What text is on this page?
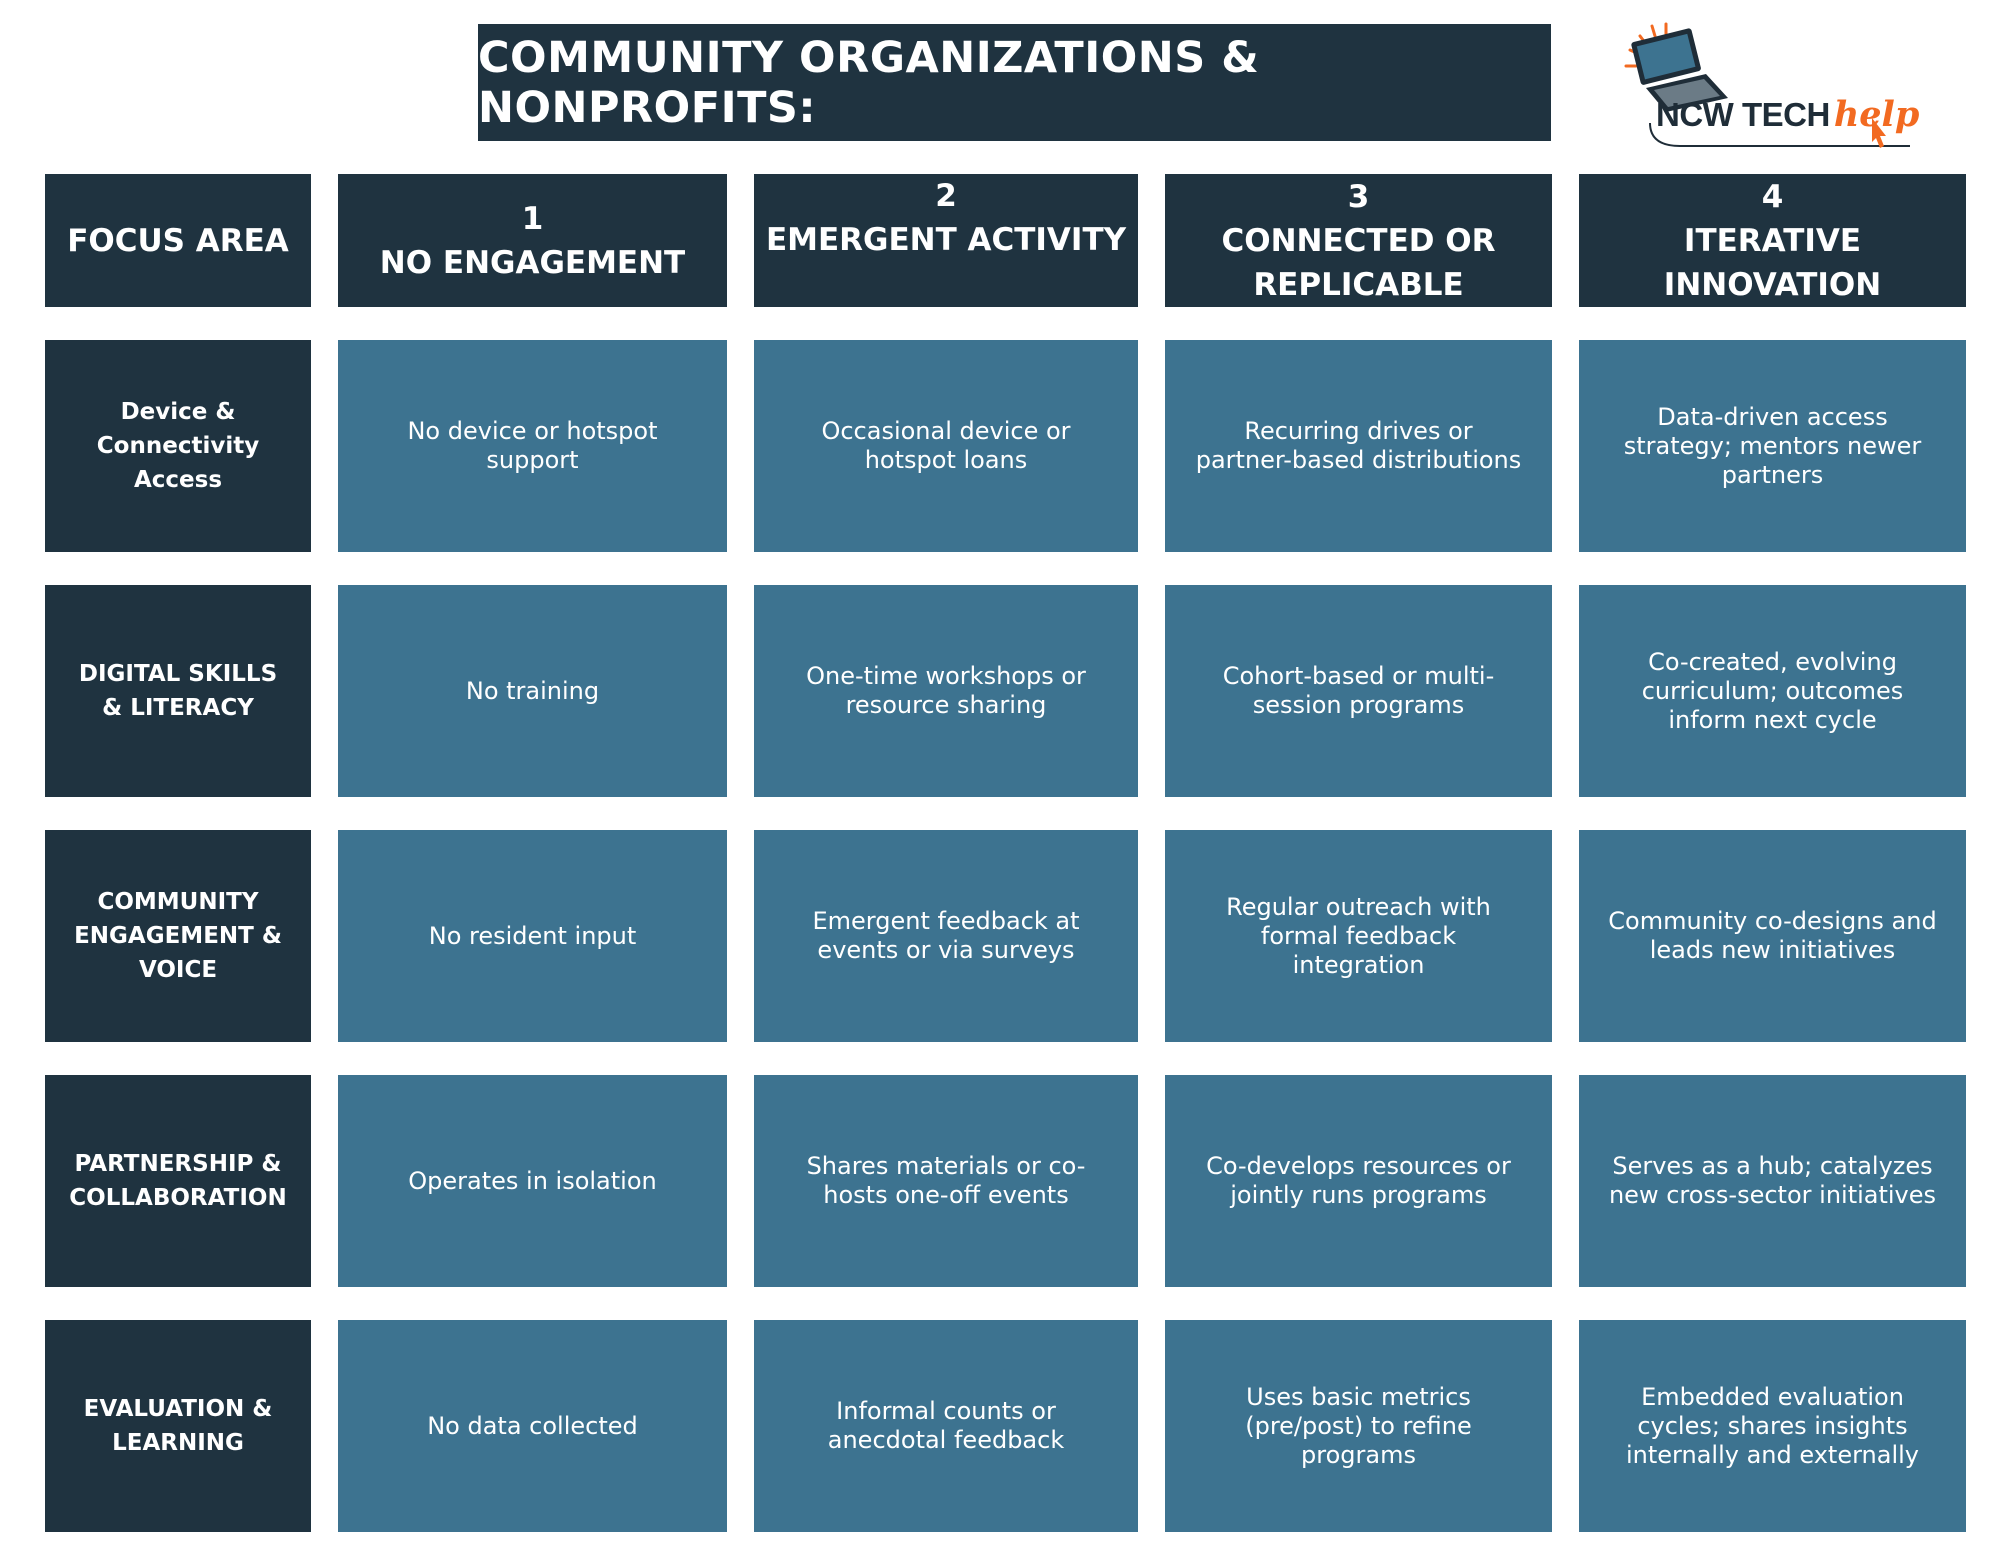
COMMUNITY ORGANIZATIONS & NONPROFITS:	NCW TECH help
FOCUS AREA
1
NO ENGAGEMENT
2
EMERGENT ACTIVITY
3
CONNECTED OR REPLICABLE
4
ITERATIVE INNOVATION
Device & Connectivity Access
No device or hotspot support
Occasional device or hotspot loans
Recurring drives or partner-based distributions
Data-driven access strategy; mentors newer partners
DIGITAL SKILLS & LITERACY
No training
One-time workshops or resource sharing
Cohort-based or multi-session programs
Co-created, evolving curriculum; outcomes inform next cycle
COMMUNITY ENGAGEMENT & VOICE
No resident input
Emergent feedback at events or via surveys
Regular outreach with formal feedback integration
Community co-designs and leads new initiatives
PARTNERSHIP & COLLABORATION
Operates in isolation
Shares materials or co-hosts one-off events
Co-develops resources or jointly runs programs
Serves as a hub; catalyzes new cross-sector initiatives
EVALUATION & LEARNING
No data collected
Informal counts or anecdotal feedback
Uses basic metrics (pre/post) to refine programs
Embedded evaluation cycles; shares insights internally and externally
